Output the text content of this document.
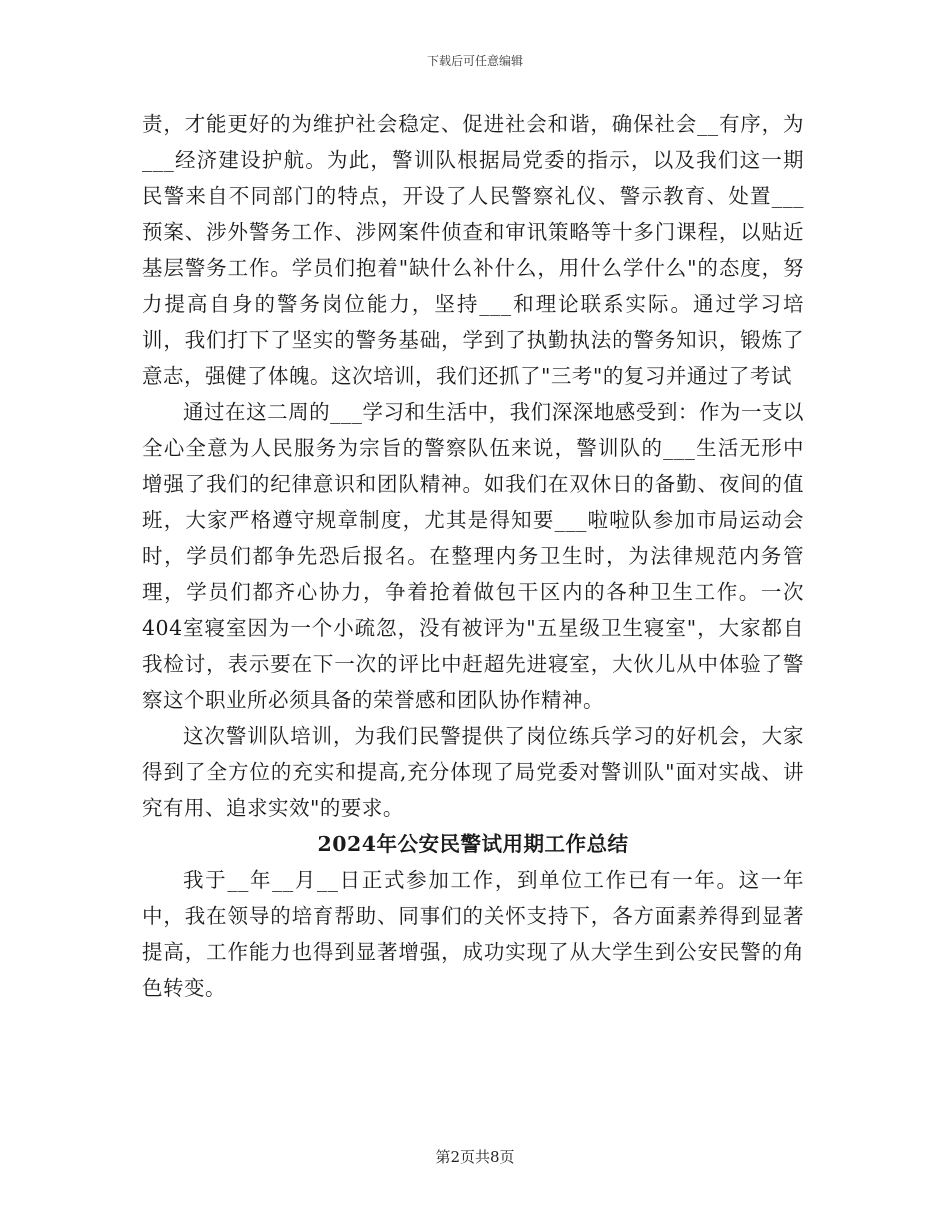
下载后可任意编辑

责，才能更好的为维护社会稳定、促进社会和谐，确保社会__有序，为___经济建设护航。为此，警训队根据局党委的指示，以及我们这一期民警来自不同部门的特点，开设了人民警察礼仪、警示教育、处置___预案、涉外警务工作、涉网案件侦查和审讯策略等十多门课程，以贴近基层警务工作。学员们抱着"缺什么补什么，用什么学什么"的态度，努力提高自身的警务岗位能力，坚持___和理论联系实际。通过学习培训，我们打下了坚实的警务基础，学到了执勤执法的警务知识，锻炼了意志，强健了体魄。这次培训，我们还抓了"三考"的复习并通过了考试

通过在这二周的___学习和生活中，我们深深地感受到：作为一支以全心全意为人民服务为宗旨的警察队伍来说，警训队的___生活无形中增强了我们的纪律意识和团队精神。如我们在双休日的备勤、夜间的值班，大家严格遵守规章制度，尤其是得知要___啦啦队参加市局运动会时，学员们都争先恐后报名。在整理内务卫生时，为法律规范内务管理，学员们都齐心协力，争着抢着做包干区内的各种卫生工作。一次404室寝室因为一个小疏忽，没有被评为"五星级卫生寝室"，大家都自我检讨，表示要在下一次的评比中赶超先进寝室，大伙儿从中体验了警察这个职业所必须具备的荣誉感和团队协作精神。

这次警训队培训，为我们民警提供了岗位练兵学习的好机会，大家得到了全方位的充实和提高,充分体现了局党委对警训队"面对实战、讲究有用、追求实效"的要求。

2024年公安民警试用期工作总结

我于__年__月__日正式参加工作，到单位工作已有一年。这一年中，我在领导的培育帮助、同事们的关怀支持下，各方面素养得到显著提高，工作能力也得到显著增强，成功实现了从大学生到公安民警的角色转变。

第2页共8页
